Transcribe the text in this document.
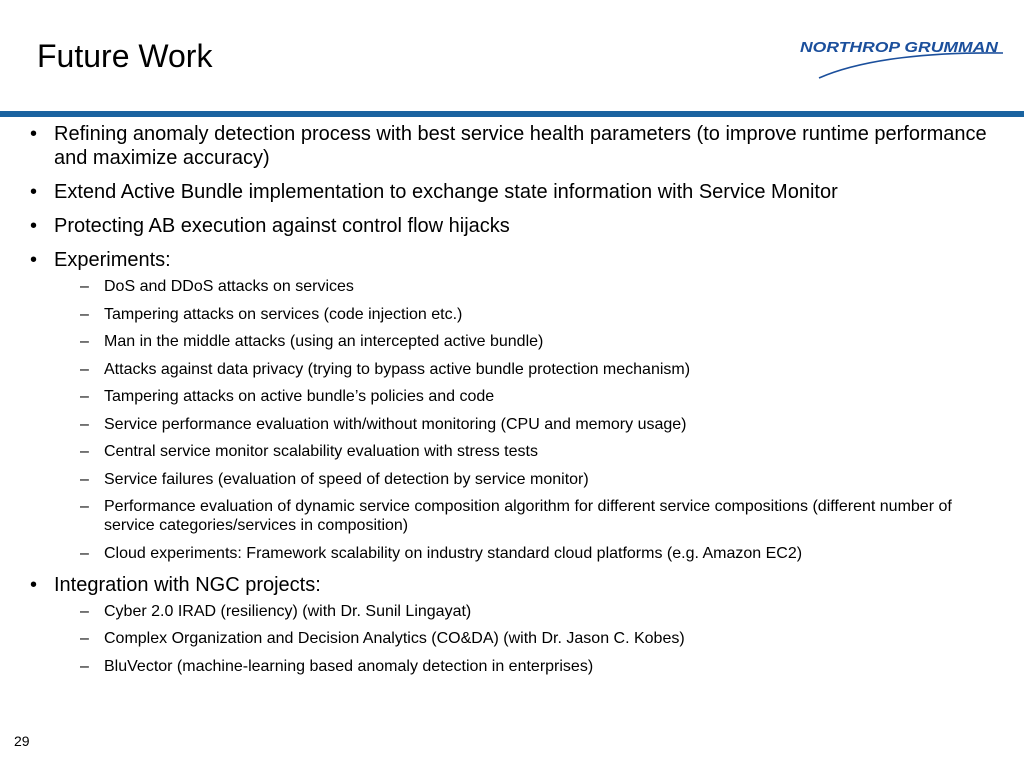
Future Work	NORTHROP GRUMMAN
• Refining anomaly detection process with best service health parameters (to improve runtime performance and maximize accuracy)
• Extend Active Bundle implementation to exchange state information with Service Monitor
• Protecting AB execution against control flow hijacks
• Experiments:
– DoS and DDoS attacks on services
– Tampering attacks on services (code injection etc.)
– Man in the middle attacks (using an intercepted active bundle)
– Attacks against data privacy (trying to bypass active bundle protection mechanism)
– Tampering attacks on active bundle’s policies and code
– Service performance evaluation with/without monitoring (CPU and memory usage)
– Central service monitor scalability evaluation with stress tests
– Service failures (evaluation of speed of detection by service monitor)
– Performance evaluation of dynamic service composition algorithm for different service compositions (different number of service categories/services in composition)
– Cloud experiments: Framework scalability on industry standard cloud platforms (e.g. Amazon EC2)
• Integration with NGC projects:
– Cyber 2.0 IRAD (resiliency) (with Dr. Sunil Lingayat)
– Complex Organization and Decision Analytics (CO&DA) (with Dr. Jason C. Kobes)
– BluVector (machine-learning based anomaly detection in enterprises)
29
